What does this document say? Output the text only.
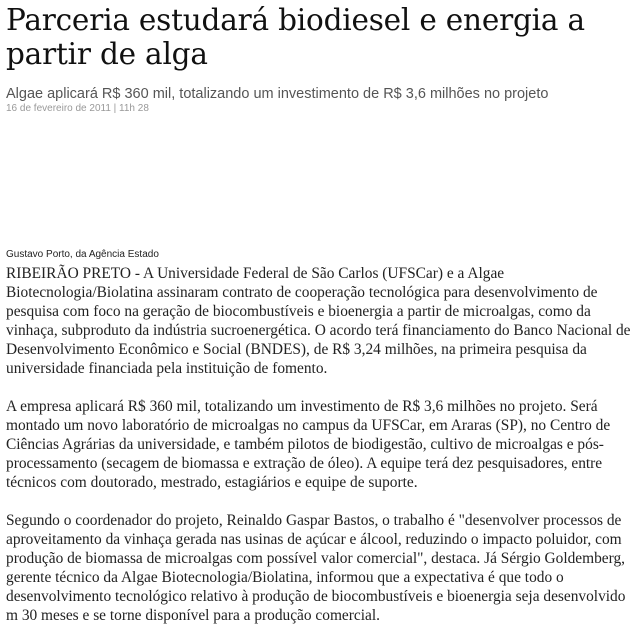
Parceria estudará biodiesel e energia a partir de alga
Algae aplicará R$ 360 mil, totalizando um investimento de R$ 3,6 milhões no projeto
16 de fevereiro de 2011 | 11h 28
Gustavo Porto, da Agência Estado

RIBEIRÃO PRETO - A Universidade Federal de São Carlos (UFSCar) e a Algae Biotecnologia/Biolatina assinaram contrato de cooperação tecnológica para desenvolvimento de pesquisa com foco na geração de biocombustíveis e bioenergia a partir de microalgas, como da vinhaça, subproduto da indústria sucroenergética. O acordo terá financiamento do Banco Nacional de Desenvolvimento Econômico e Social (BNDES), de R$ 3,24 milhões, na primeira pesquisa da universidade financiada pela instituição de fomento.

A empresa aplicará R$ 360 mil, totalizando um investimento de R$ 3,6 milhões no projeto. Será montado um novo laboratório de microalgas no campus da UFSCar, em Araras (SP), no Centro de Ciências Agrárias da universidade, e também pilotos de biodigestão, cultivo de microalgas e pós-processamento (secagem de biomassa e extração de óleo). A equipe terá dez pesquisadores, entre técnicos com doutorado, mestrado, estagiários e equipe de suporte.

Segundo o coordenador do projeto, Reinaldo Gaspar Bastos, o trabalho é "desenvolver processos de aproveitamento da vinhaça gerada nas usinas de açúcar e álcool, reduzindo o impacto poluidor, com produção de biomassa de microalgas com possível valor comercial", destaca. Já Sérgio Goldemberg, gerente técnico da Algae Biotecnologia/Biolatina, informou que a expectativa é que todo o desenvolvimento tecnológico relativo à produção de biocombustíveis e bioenergia seja desenvolvido m 30 meses e se torne disponível para a produção comercial.
